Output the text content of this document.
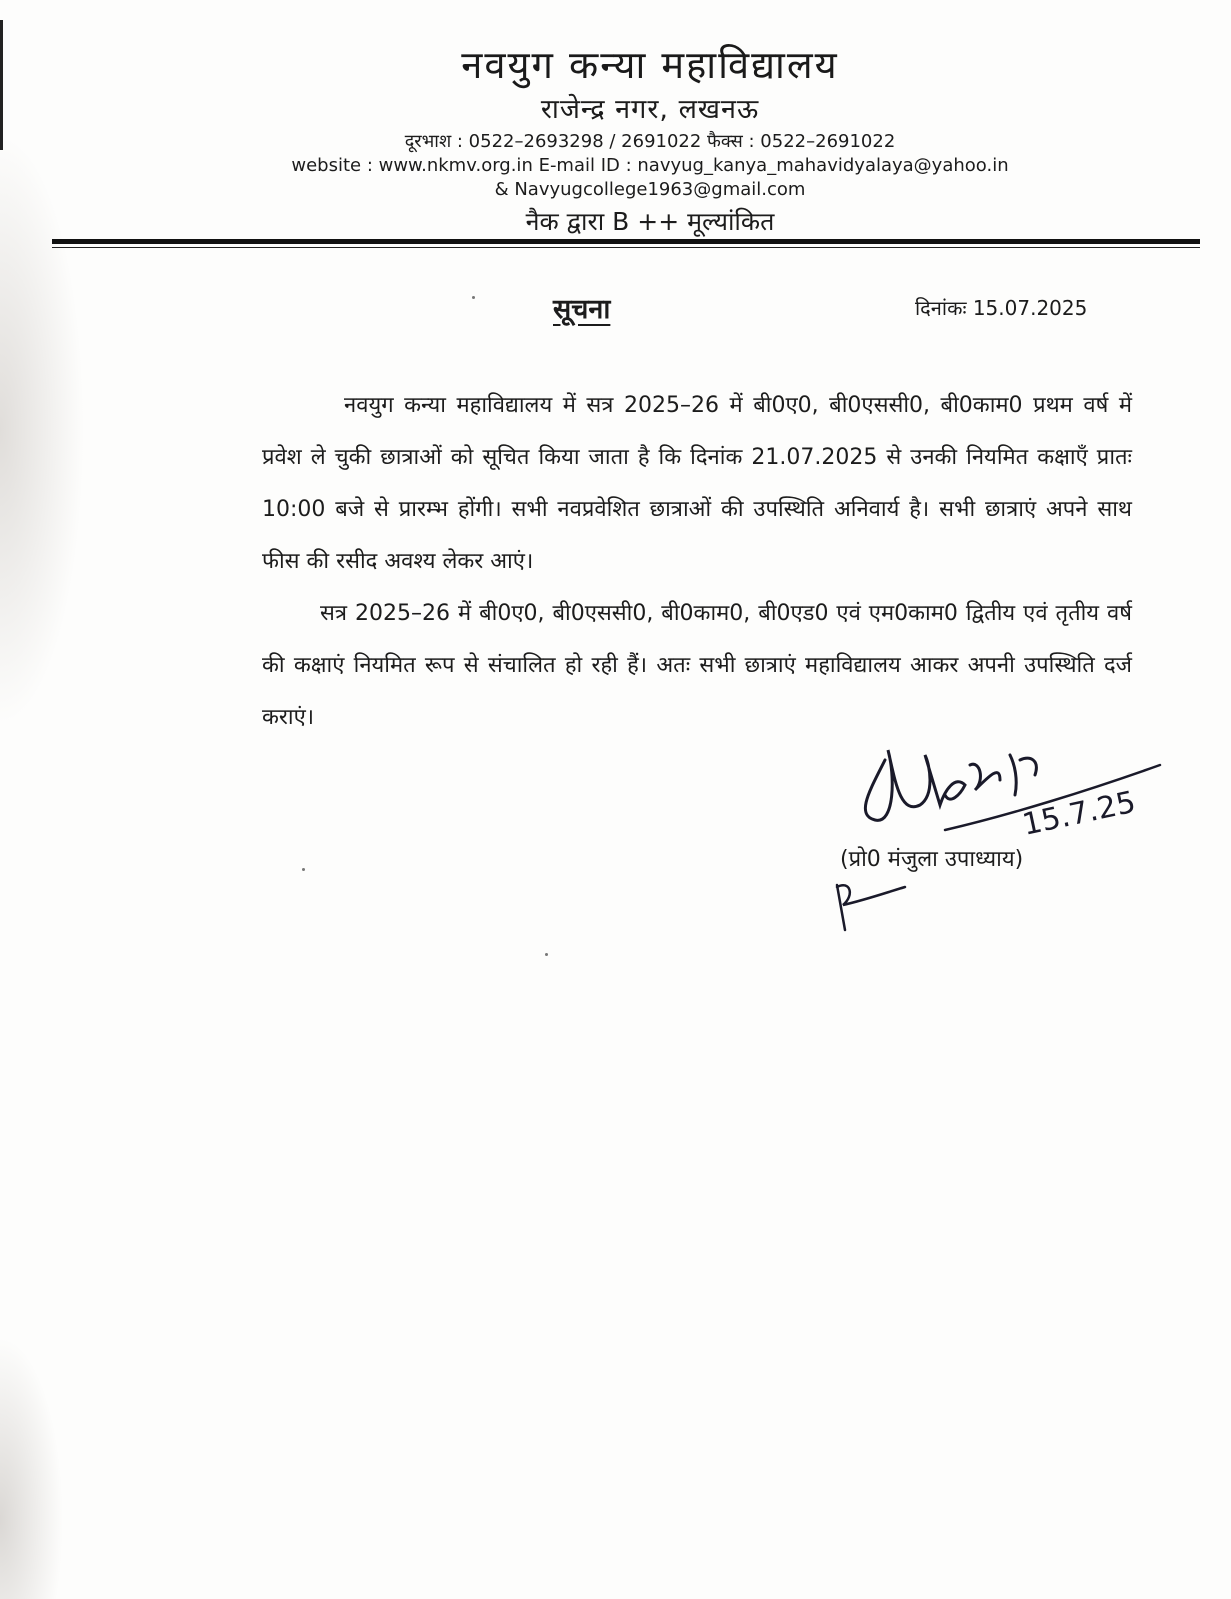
नवयुग कन्या महाविद्यालय
राजेन्द्र नगर, लखनऊ
दूरभाश : 0522–2693298 / 2691022 फैक्स : 0522–2691022
website : www.nkmv.org.in E-mail ID : navyug_kanya_mahavidyalaya@yahoo.in
& Navyugcollege1963@gmail.com
नैक द्वारा B ++ मूल्यांकित
सूचना	दिनांकः 15.07.2025

नवयुग कन्या महाविद्यालय में सत्र 2025–26 में बी0ए0, बी0एससी0, बी0काम0 प्रथम वर्ष में प्रवेश ले चुकी छात्राओं को सूचित किया जाता है कि दिनांक 21.07.2025 से उनकी नियमित कक्षाएँ प्रातः 10:00 बजे से प्रारम्भ होंगी। सभी नवप्रवेशित छात्राओं की उपस्थिति अनिवार्य है। सभी छात्राएं अपने साथ फीस की रसीद अवश्य लेकर आएं।

सत्र 2025–26 में बी0ए0, बी0एससी0, बी0काम0, बी0एड0 एवं एम0काम0 द्वितीय एवं तृतीय वर्ष की कक्षाएं नियमित रूप से संचालित हो रही हैं। अतः सभी छात्राएं महाविद्यालय आकर अपनी उपस्थिति दर्ज कराएं।

15.7.25
(प्रो0 मंजुला उपाध्याय)
